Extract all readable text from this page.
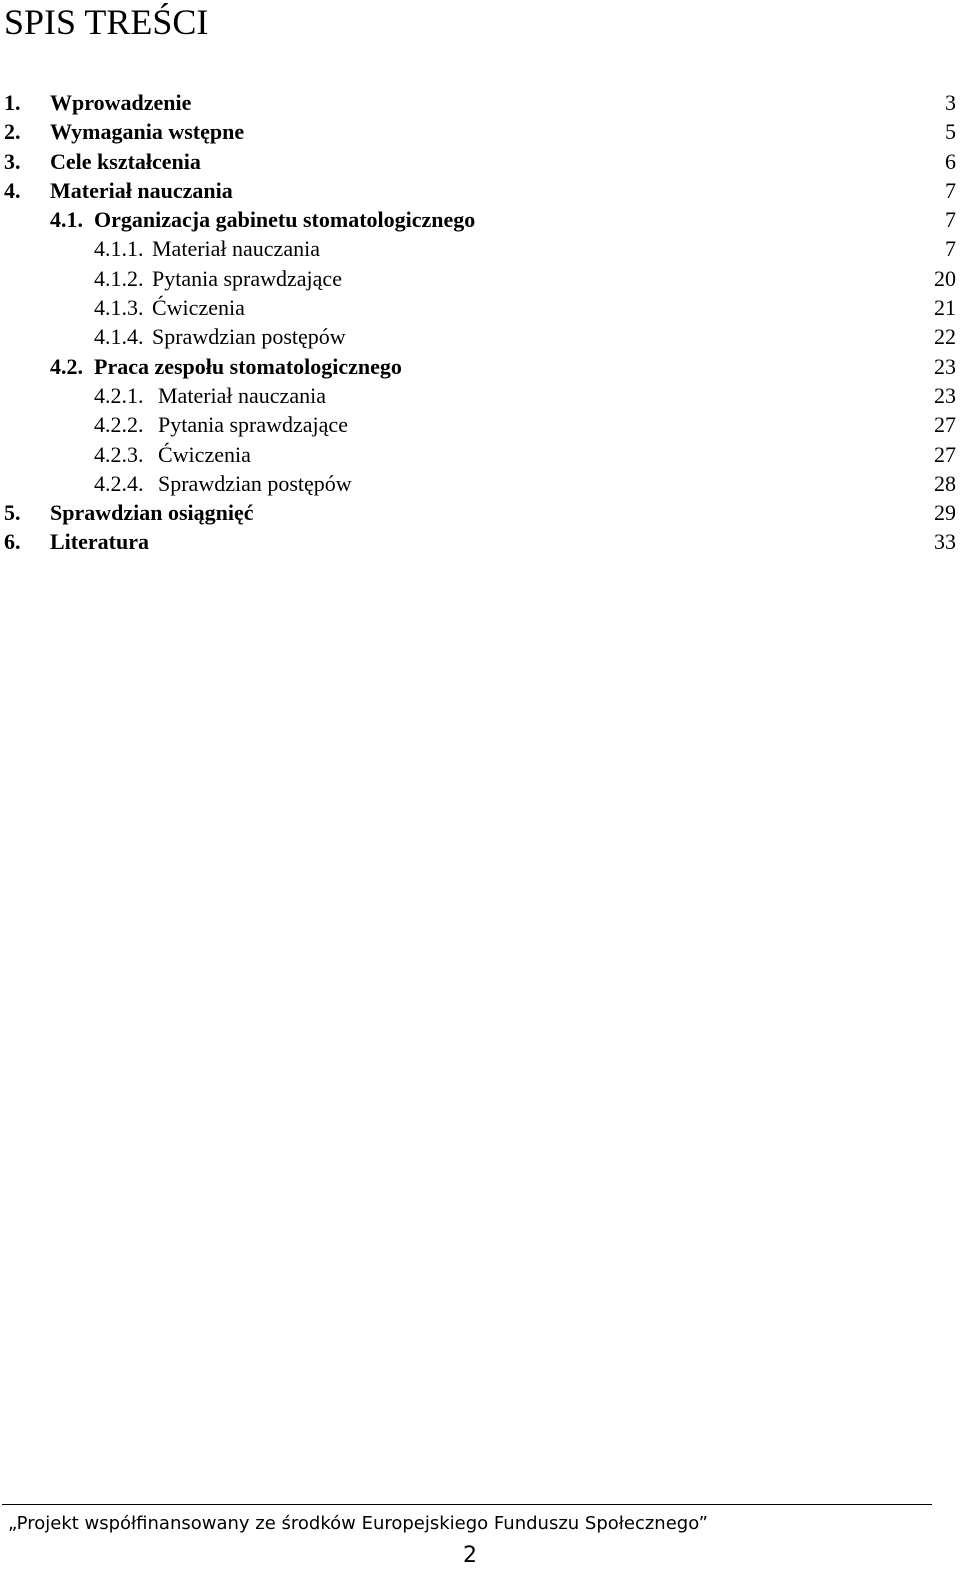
SPIS TREŚCI
1. Wprowadzenie	3
2. Wymagania wstępne	5
3. Cele kształcenia	6
4. Materiał nauczania	7
4.1. Organizacja gabinetu stomatologicznego	7
4.1.1. Materiał nauczania	7
4.1.2. Pytania sprawdzające	20
4.1.3. Ćwiczenia	21
4.1.4. Sprawdzian postępów	22
4.2. Praca zespołu stomatologicznego	23
4.2.1. Materiał nauczania	23
4.2.2. Pytania sprawdzające	27
4.2.3. Ćwiczenia	27
4.2.4. Sprawdzian postępów	28
5. Sprawdzian osiągnięć	29
6. Literatura	33
„Projekt współfinansowany ze środków Europejskiego Funduszu Społecznego”
2
